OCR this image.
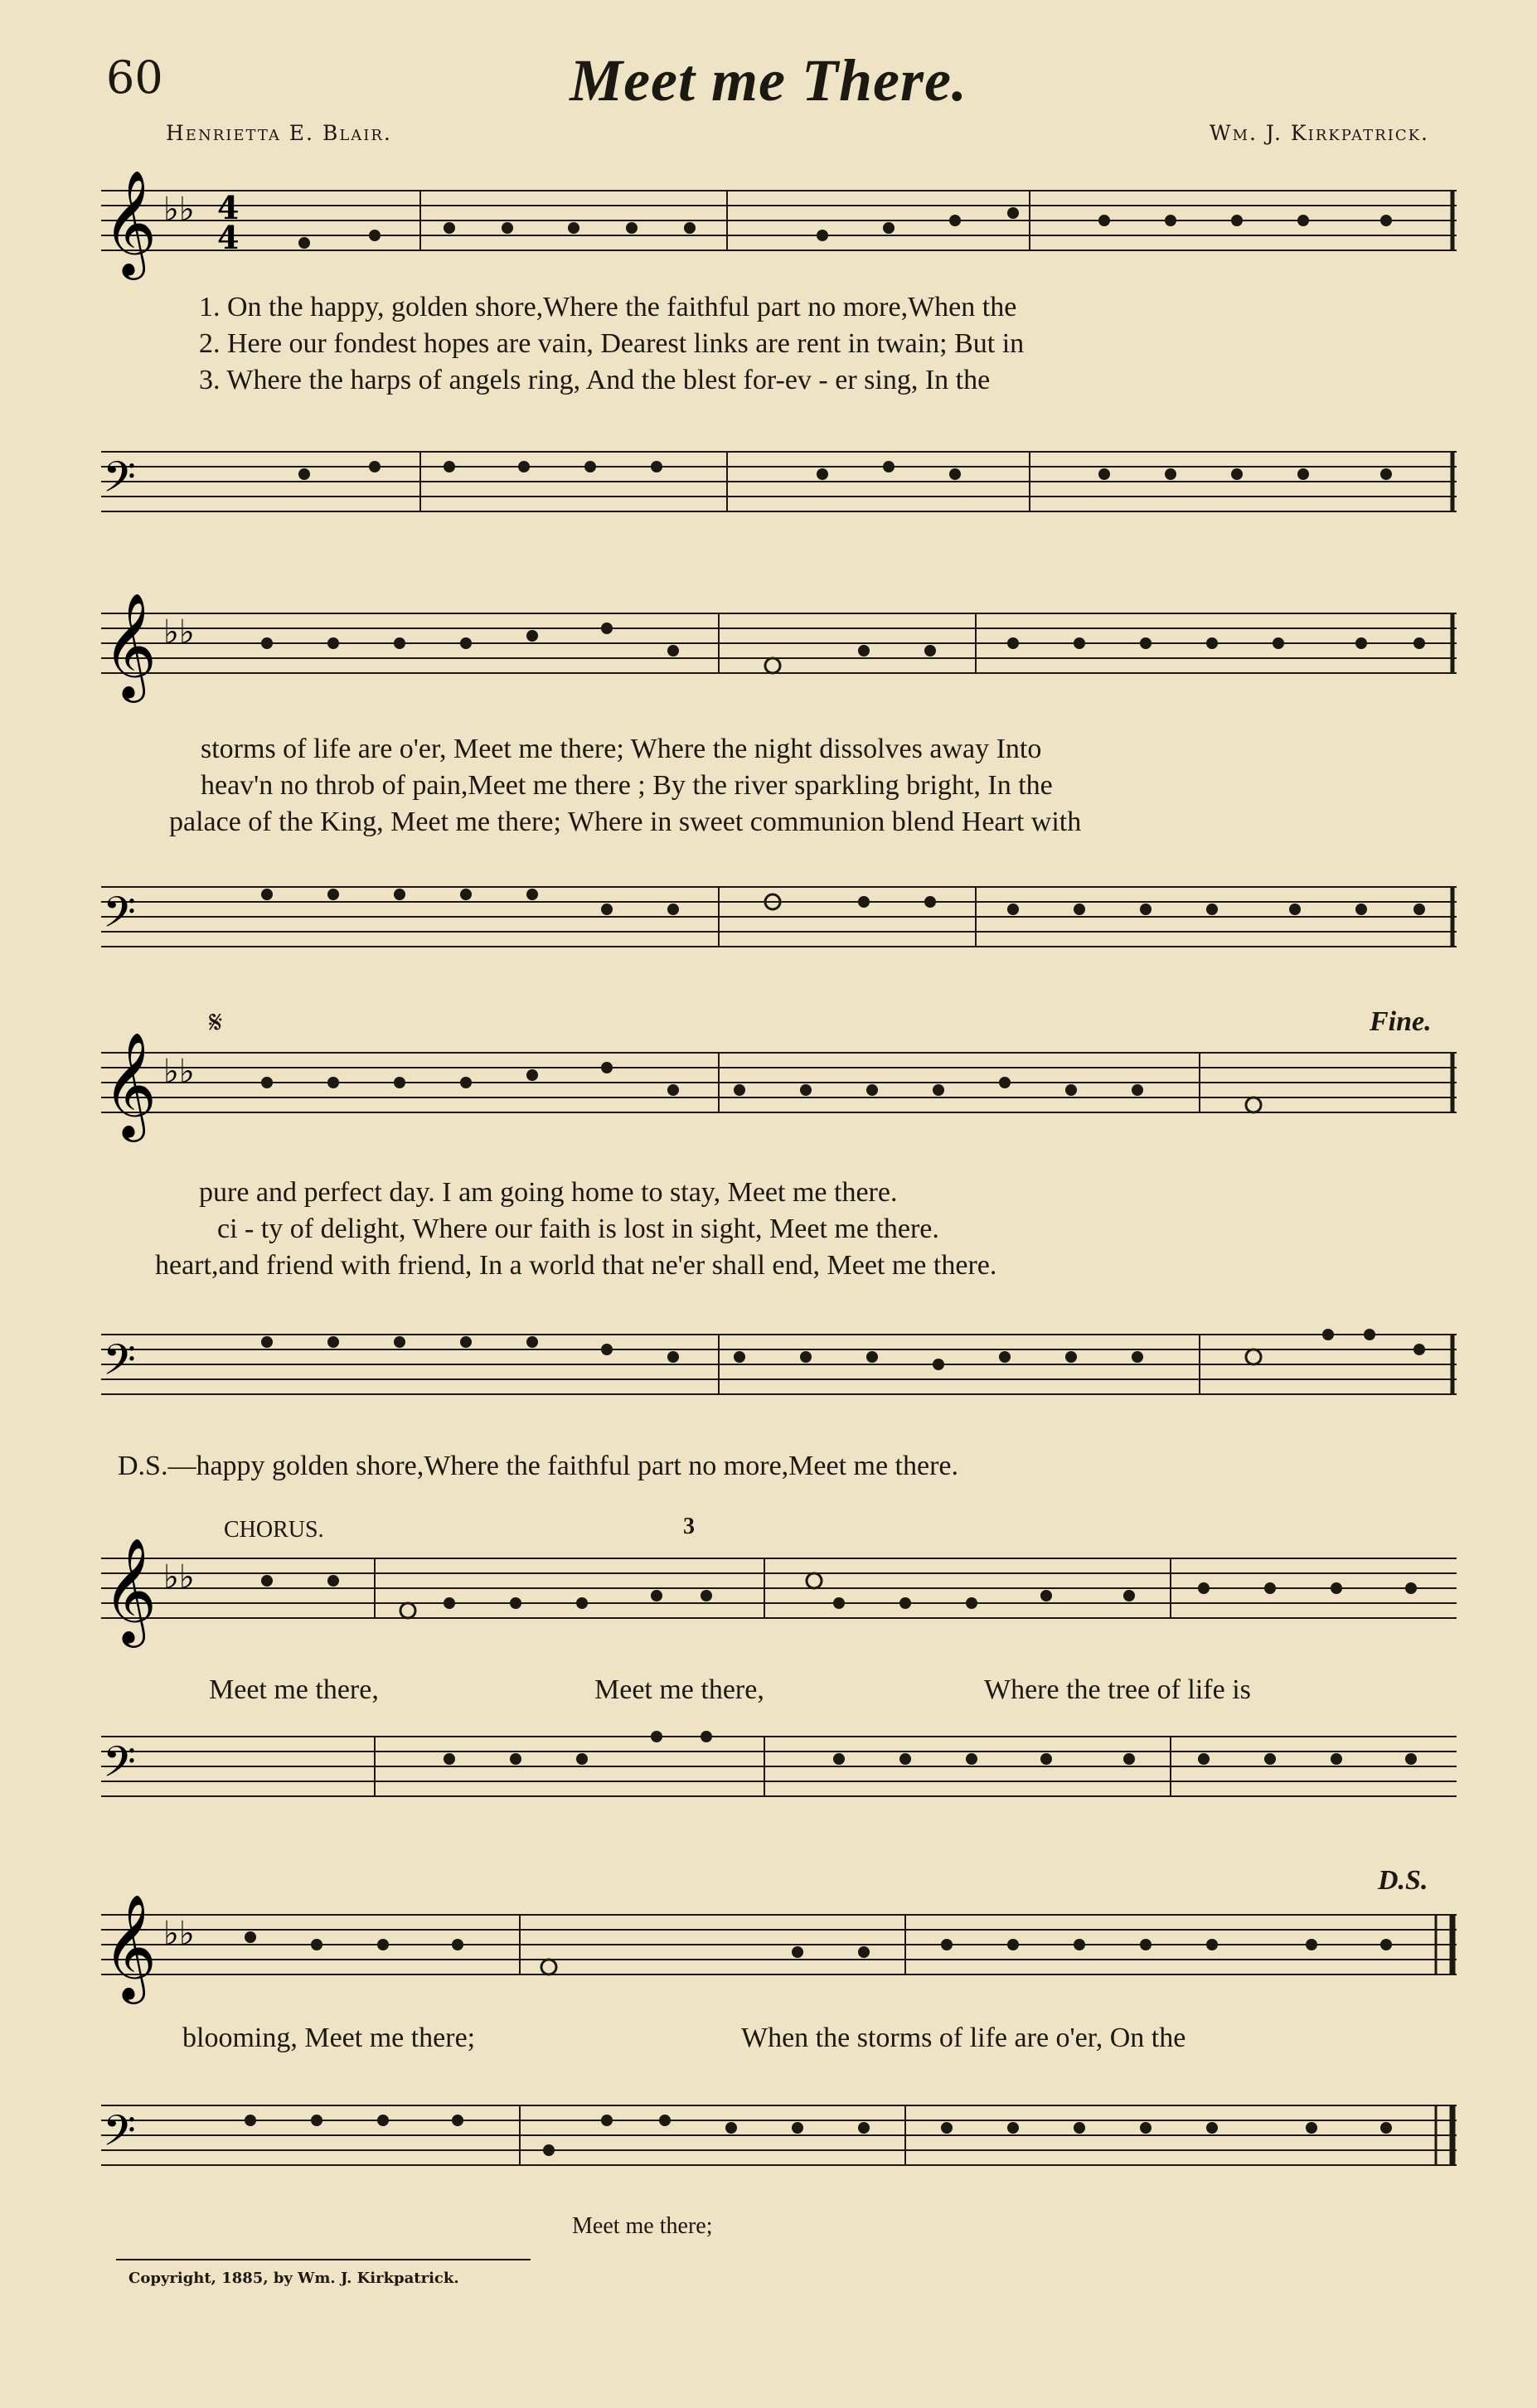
60	Meet me There.
Henrietta E. Blair.	Wm. J. Kirkpatrick.
𝄞 ♭♭ 4
4
1. On the happy, golden shore,Where the faithful part no more,When the
2. Here our fondest hopes are vain, Dearest links are rent in twain; But in
3. Where the harps of angels ring, And the blest for-ev - er sing, In the
𝄢
𝄞 ♭♭
storms of life are o'er, Meet me there; Where the night dissolves away Into
heav'n no throb of pain,Meet me there ; By the river sparkling bright, In the
palace of the King, Meet me there; Where in sweet communion blend Heart with
𝄢
𝄋	Fine.
𝄞 ♭♭
pure and perfect day. I am going home to stay, Meet me there.
ci - ty of delight, Where our faith is lost in sight, Meet me there.
heart,and friend with friend, In a world that ne'er shall end, Meet me there.
𝄢
D.S.—happy golden shore,Where the faithful part no more,Meet me there.
CHORUS.	3
𝄞 ♭♭
Meet me there,	Meet me there,	Where the tree of life is
𝄢
D.S.
𝄞 ♭♭
blooming, Meet me there;	When the storms of life are o'er, On the
𝄢
Meet me there;
Copyright, 1885, by Wm. J. Kirkpatrick.
